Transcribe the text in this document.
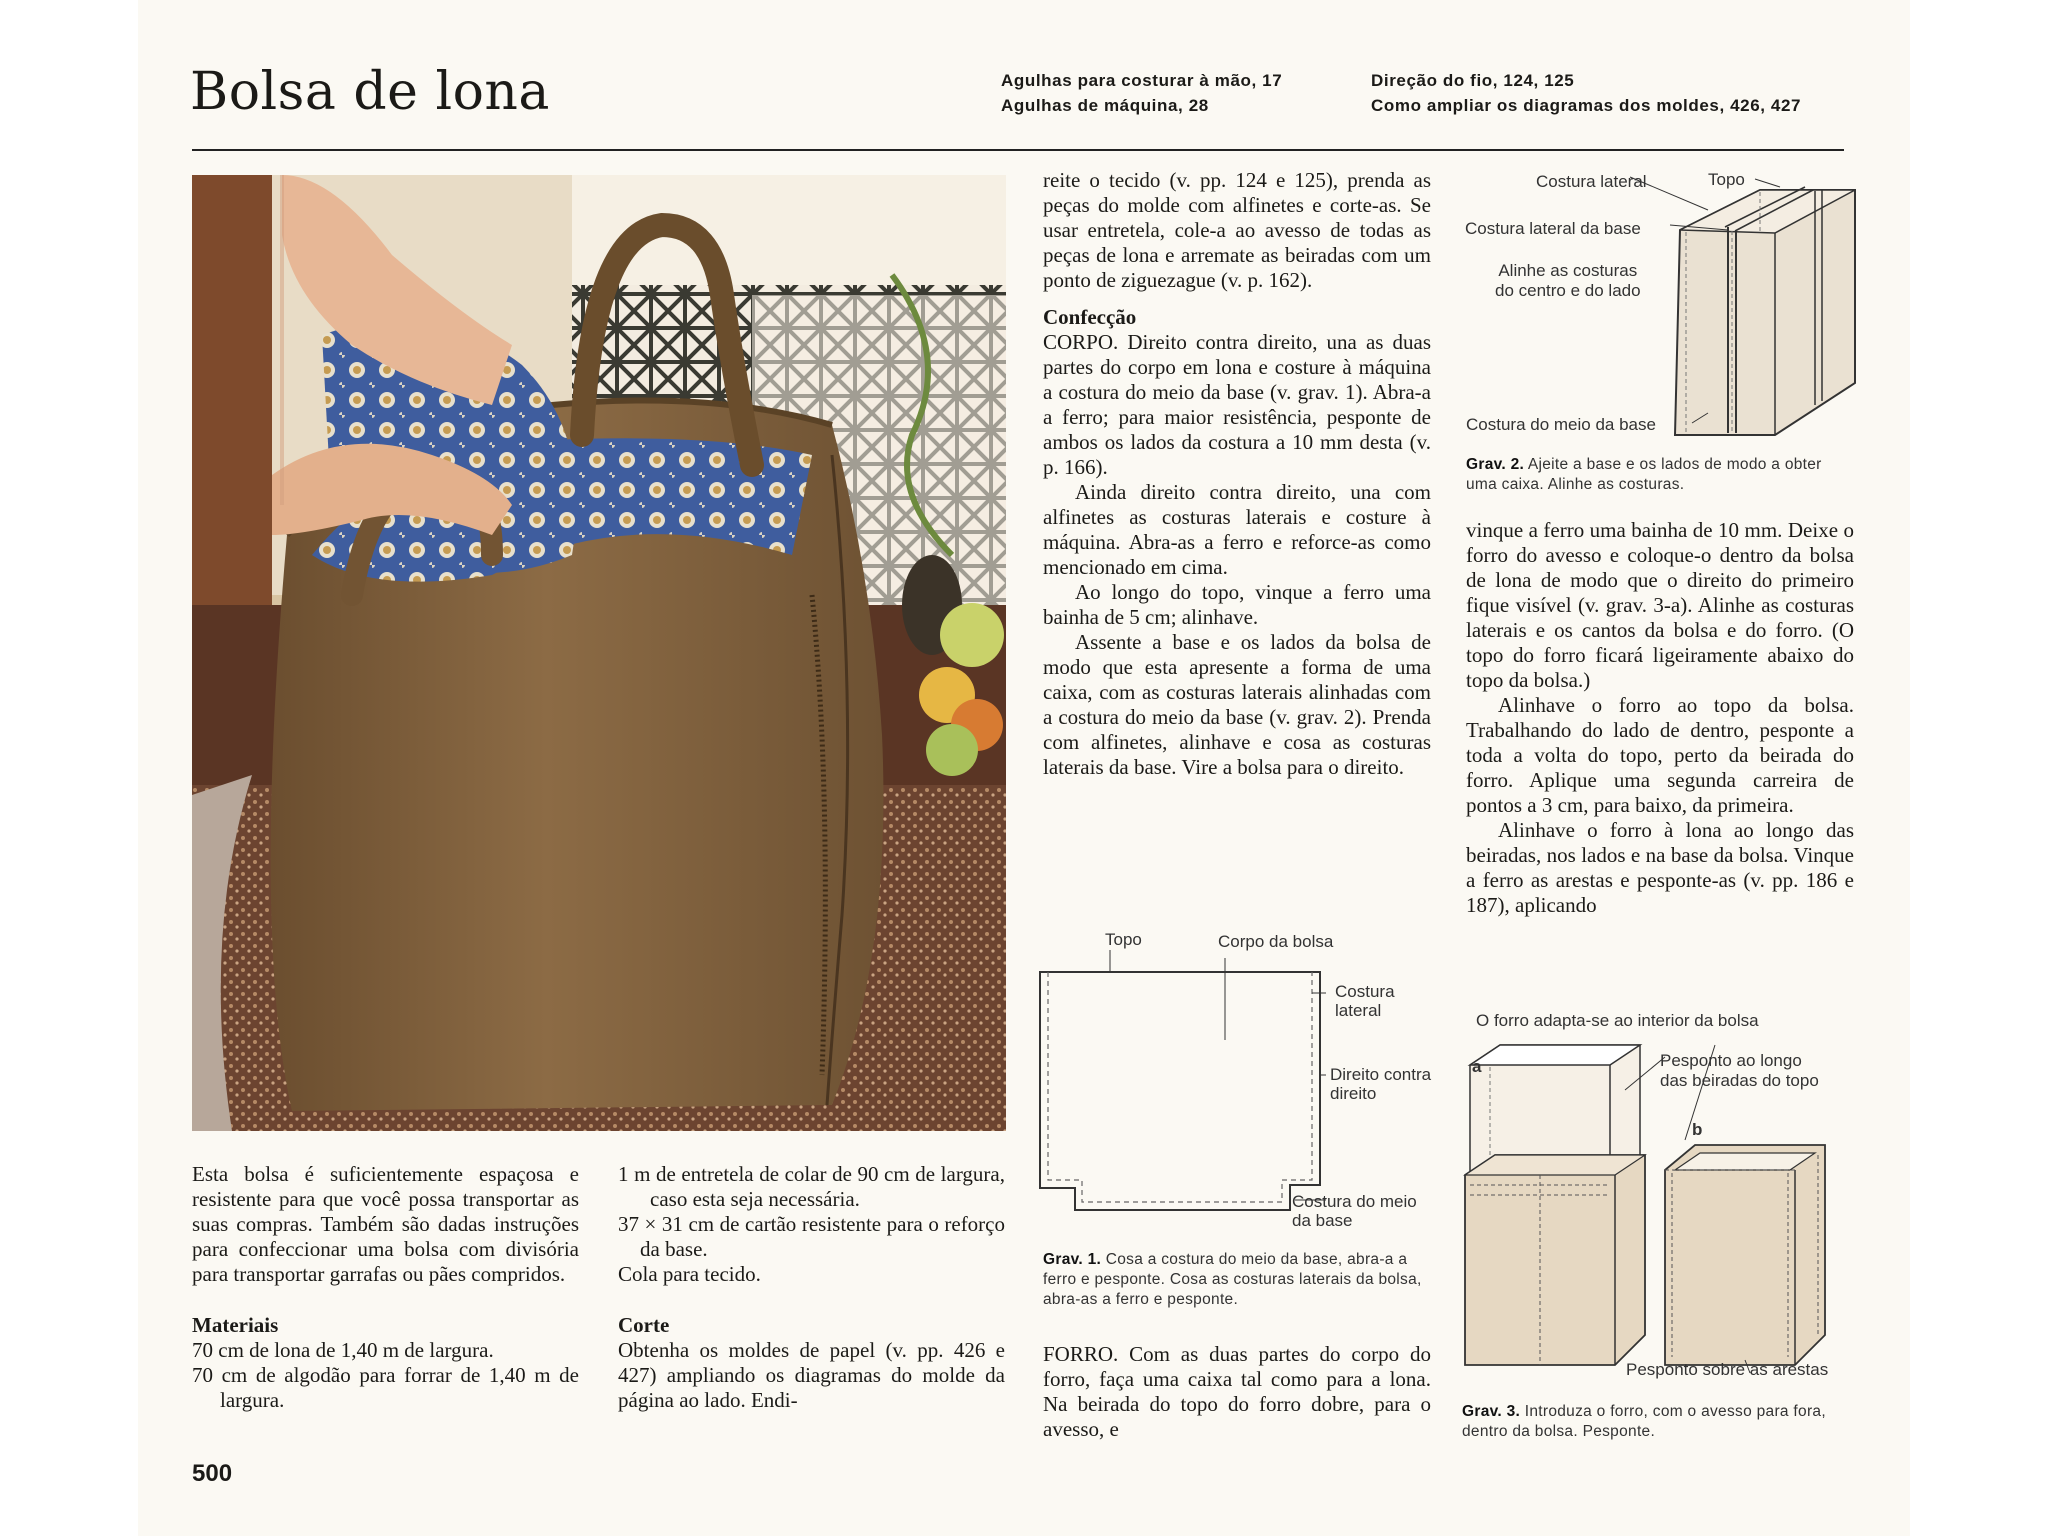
Bolsa de lona	Agulhas para costurar à mão, 17
Agulhas de máquina, 28
Direção do fio, 124, 125
Como ampliar os diagramas dos moldes, 426, 427

Esta bolsa é suficientemente espaçosa e resistente para que você possa transportar as suas compras. Também são dadas instruções para confeccionar uma bolsa com divisória para transportar garrafas ou pães compridos.

Materiais

70 cm de lona de 1,40 m de largura.

70 cm de algodão para forrar de 1,40 m de largura.

1 m de entretela de colar de 90 cm de largura, caso esta seja necessária.

37 × 31 cm de cartão resistente para o reforço da base.

Cola para tecido.

Corte

Obtenha os moldes de papel (v. pp. 426 e 427) ampliando os diagramas do molde da página ao lado. Endi-

reite o tecido (v. pp. 124 e 125), prenda as peças do molde com alfinetes e corte-as. Se usar entretela, cole-a ao avesso de todas as peças de lona e arremate as beiradas com um ponto de ziguezague (v. p. 162).

Confecção

CORPO. Direito contra direito, una as duas partes do corpo em lona e costure à máquina a costura do meio da base (v. grav. 1). Abra-a a ferro; para maior resistência, pesponte de ambos os lados da costura a 10 mm desta (v. p. 166).

Ainda direito contra direito, una com alfinetes as costuras laterais e costure à máquina. Abra-as a ferro e reforce-as como mencionado em cima.

Ao longo do topo, vinque a ferro uma bainha de 5 cm; alinhave.

Assente a base e os lados da bolsa de modo que esta apresente a forma de uma caixa, com as costuras laterais alinhadas com a costura do meio da base (v. grav. 2). Prenda com alfinetes, alinhave e cosa as costuras laterais da base. Vire a bolsa para o direito.

Topo	Corpo da bolsa
Costura
lateral
Direito contra
direito
Costura do meio
da base
Grav. 1. Cosa a costura do meio da base, abra-a a ferro e pesponte. Cosa as costuras laterais da bolsa, abra-as a ferro e pesponte.
FORRO. Com as duas partes do corpo do forro, faça uma caixa tal como para a lona. Na beirada do topo do forro dobre, para o avesso, e
Costura lateral	Topo
Costura lateral da base
Alinhe as costuras
do centro e do lado
Costura do meio da base
Grav. 2. Ajeite a base e os lados de modo a obter uma caixa. Alinhe as costuras.

vinque a ferro uma bainha de 10 mm. Deixe o forro do avesso e coloque-o dentro da bolsa de lona de modo que o direito do primeiro fique visível (v. grav. 3-a). Alinhe as costuras laterais e os cantos da bolsa e do forro. (O topo do forro ficará ligeiramente abaixo do topo da bolsa.)

Alinhave o forro ao topo da bolsa. Trabalhando do lado de dentro, pesponte a toda a volta do topo, perto da beirada do forro. Aplique uma segunda carreira de pontos a 3 cm, para baixo, da primeira.

Alinhave o forro à lona ao longo das beiradas, nos lados e na base da bolsa. Vinque a ferro as arestas e pesponte-as (v. pp. 186 e 187), aplicando

O forro adapta-se ao interior da bolsa
a
b
Pesponto ao longo
das beiradas do topo
Pesponto sobre as arestas
Grav. 3. Introduza o forro, com o avesso para fora, dentro da bolsa. Pesponte.
500
